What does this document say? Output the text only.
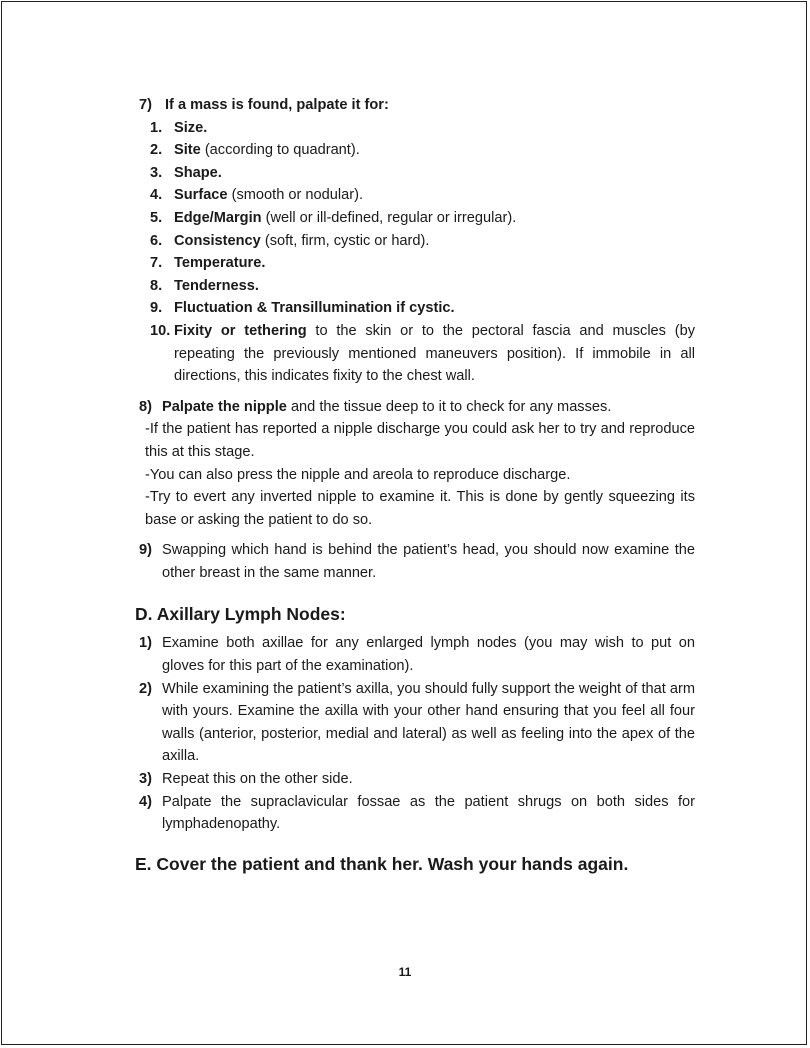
7) If a mass is found, palpate it for:
1. Size.
2. Site (according to quadrant).
3. Shape.
4. Surface (smooth or nodular).
5. Edge/Margin (well or ill-defined, regular or irregular).
6. Consistency (soft, firm, cystic or hard).
7. Temperature.
8. Tenderness.
9. Fluctuation & Transillumination if cystic.
10. Fixity or tethering to the skin or to the pectoral fascia and muscles (by repeating the previously mentioned maneuvers position). If immobile in all directions, this indicates fixity to the chest wall.
8) Palpate the nipple and the tissue deep to it to check for any masses.
-If the patient has reported a nipple discharge you could ask her to try and reproduce this at this stage.
-You can also press the nipple and areola to reproduce discharge.
-Try to evert any inverted nipple to examine it. This is done by gently squeezing its base or asking the patient to do so.
9) Swapping which hand is behind the patient’s head, you should now examine the other breast in the same manner.
D. Axillary Lymph Nodes:
1) Examine both axillae for any enlarged lymph nodes (you may wish to put on gloves for this part of the examination).
2) While examining the patient’s axilla, you should fully support the weight of that arm with yours. Examine the axilla with your other hand ensuring that you feel all four walls (anterior, posterior, medial and lateral) as well as feeling into the apex of the axilla.
3) Repeat this on the other side.
4) Palpate the supraclavicular fossae as the patient shrugs on both sides for lymphadenopathy.
E. Cover the patient and thank her. Wash your hands again.
11
